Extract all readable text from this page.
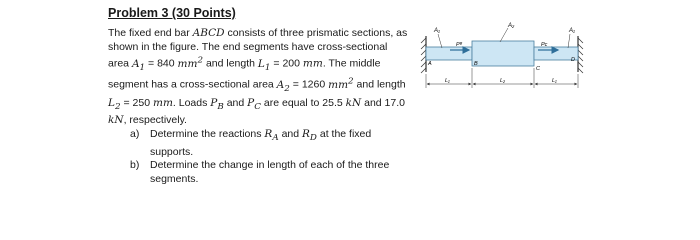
Problem 3 (30 Points)

The fixed end bar ABCD consists of three prismatic sections, as shown in the figure. The end segments have cross-sectional area $A_1 = 840$ $mm^2$ and length $L_1 = 200$ mm. The middle segment has a cross-sectional area $A_2 = 1260$ $mm^2$ and length $L_2 = 250$ mm. Loads $P_B$ and $P_C$ are equal to 25.5 kN and 17.0 kN, respectively.

a) Determine the reactions $R_A$ and $R_D$ at the fixed supports.
b) Determine the change in length of each of the three segments.
A₁
A₂
A₁
Pᴮ	Pᴄ
A	B
C
D
L₁	L₂	L₁
